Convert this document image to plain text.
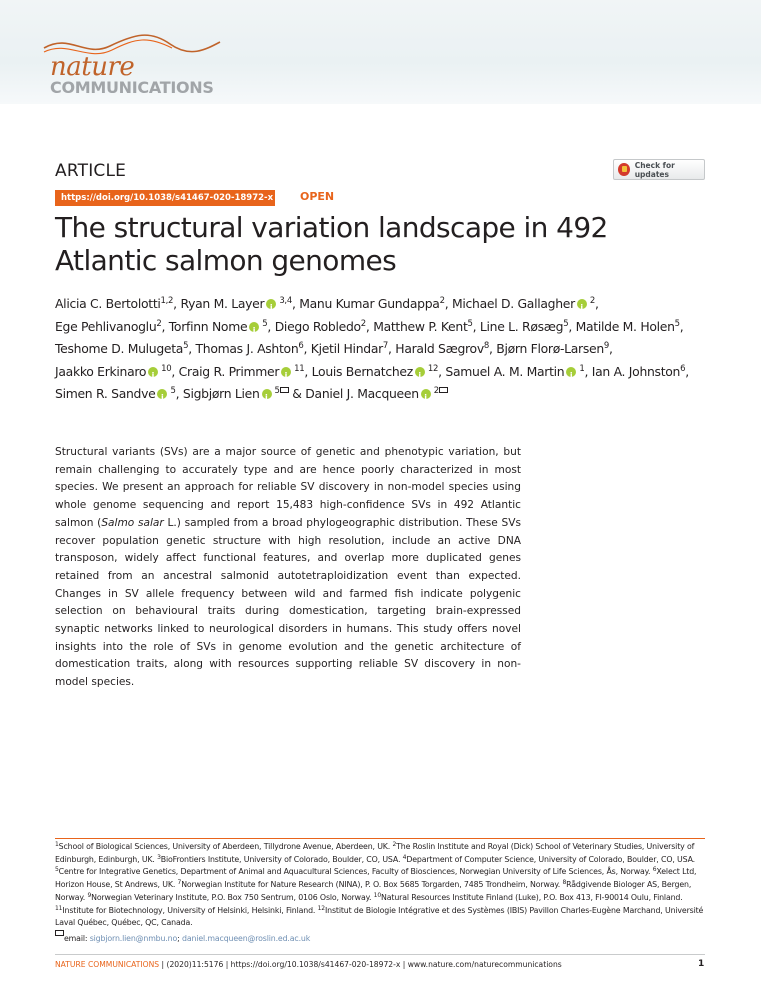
nature
COMMUNICATIONS
ARTICLE	Check for updates
https://doi.org/10.1038/s41467-020-18972-x OPEN
The structural variation landscape in 492 Atlantic salmon genomes
Alicia C. Bertolotti$^{1,2}$, Ryan M. Layer i $^{3,4}$, Manu Kumar Gundappa$^2$, Michael D. Gallagher i $^2$, Ege Pehlivanoglu$^2$, Torfinn Nome i $^5$, Diego Robledo$^2$, Matthew P. Kent$^5$, Line L. Røsæg$^5$, Matilde M. Holen$^5$, Teshome D. Mulugeta$^5$, Thomas J. Ashton$^6$, Kjetil Hindar$^7$, Harald Sægrov$^8$, Bjørn Florø-Larsen$^9$, Jaakko Erkinaro i $^{10}$, Craig R. Primmer i $^{11}$, Louis Bernatchez i $^{12}$, Samuel A. M. Martin i $^1$, Ian A. Johnston$^6$, Simen R. Sandve i $^5$, Sigbjørn Lien i $^5$ & Daniel J. Macqueen i $^2$
Structural variants (SVs) are a major source of genetic and phenotypic variation, but remain challenging to accurately type and are hence poorly characterized in most species. We present an approach for reliable SV discovery in non-model species using whole genome sequencing and report 15,483 high-confidence SVs in 492 Atlantic salmon (Salmo salar L.) sampled from a broad phylogeographic distribution. These SVs recover population genetic structure with high resolution, include an active DNA transposon, widely affect functional features, and overlap more duplicated genes retained from an ancestral salmonid autotetraploidization event than expected. Changes in SV allele frequency between wild and farmed fish indicate polygenic selection on behavioural traits during domestication, targeting brain-expressed synaptic networks linked to neurological disorders in humans. This study offers novel insights into the role of SVs in genome evolution and the genetic architecture of domestication traits, along with resources supporting reliable SV discovery in non-model species.
$^1$School of Biological Sciences, University of Aberdeen, Tillydrone Avenue, Aberdeen, UK. $^2$The Roslin Institute and Royal (Dick) School of Veterinary Studies, University of Edinburgh, Edinburgh, UK. $^3$BioFrontiers Institute, University of Colorado, Boulder, CO, USA. $^4$Department of Computer Science, University of Colorado, Boulder, CO, USA. $^5$Centre for Integrative Genetics, Department of Animal and Aquacultural Sciences, Faculty of Biosciences, Norwegian University of Life Sciences, Ås, Norway. $^6$Xelect Ltd, Horizon House, St Andrews, UK. $^7$Norwegian Institute for Nature Research (NINA), P. O. Box 5685 Torgarden, 7485 Trondheim, Norway. $^8$Rådgivende Biologer AS, Bergen, Norway. $^9$Norwegian Veterinary Institute, P.O. Box 750 Sentrum, 0106 Oslo, Norway. $^{10}$Natural Resources Institute Finland (Luke), P.O. Box 413, FI-90014 Oulu, Finland. $^{11}$Institute for Biotechnology, University of Helsinki, Helsinki, Finland. $^{12}$Institut de Biologie Intégrative et des Systèmes (IBIS) Pavillon Charles-Eugène Marchand, Université Laval Québec, Québec, QC, Canada.
email: sigbjorn.lien@nmbu.no; daniel.macqueen@roslin.ed.ac.uk
NATURE COMMUNICATIONS | (2020)11:5176 | https://doi.org/10.1038/s41467-020-18972-x | www.nature.com/naturecommunications	1
